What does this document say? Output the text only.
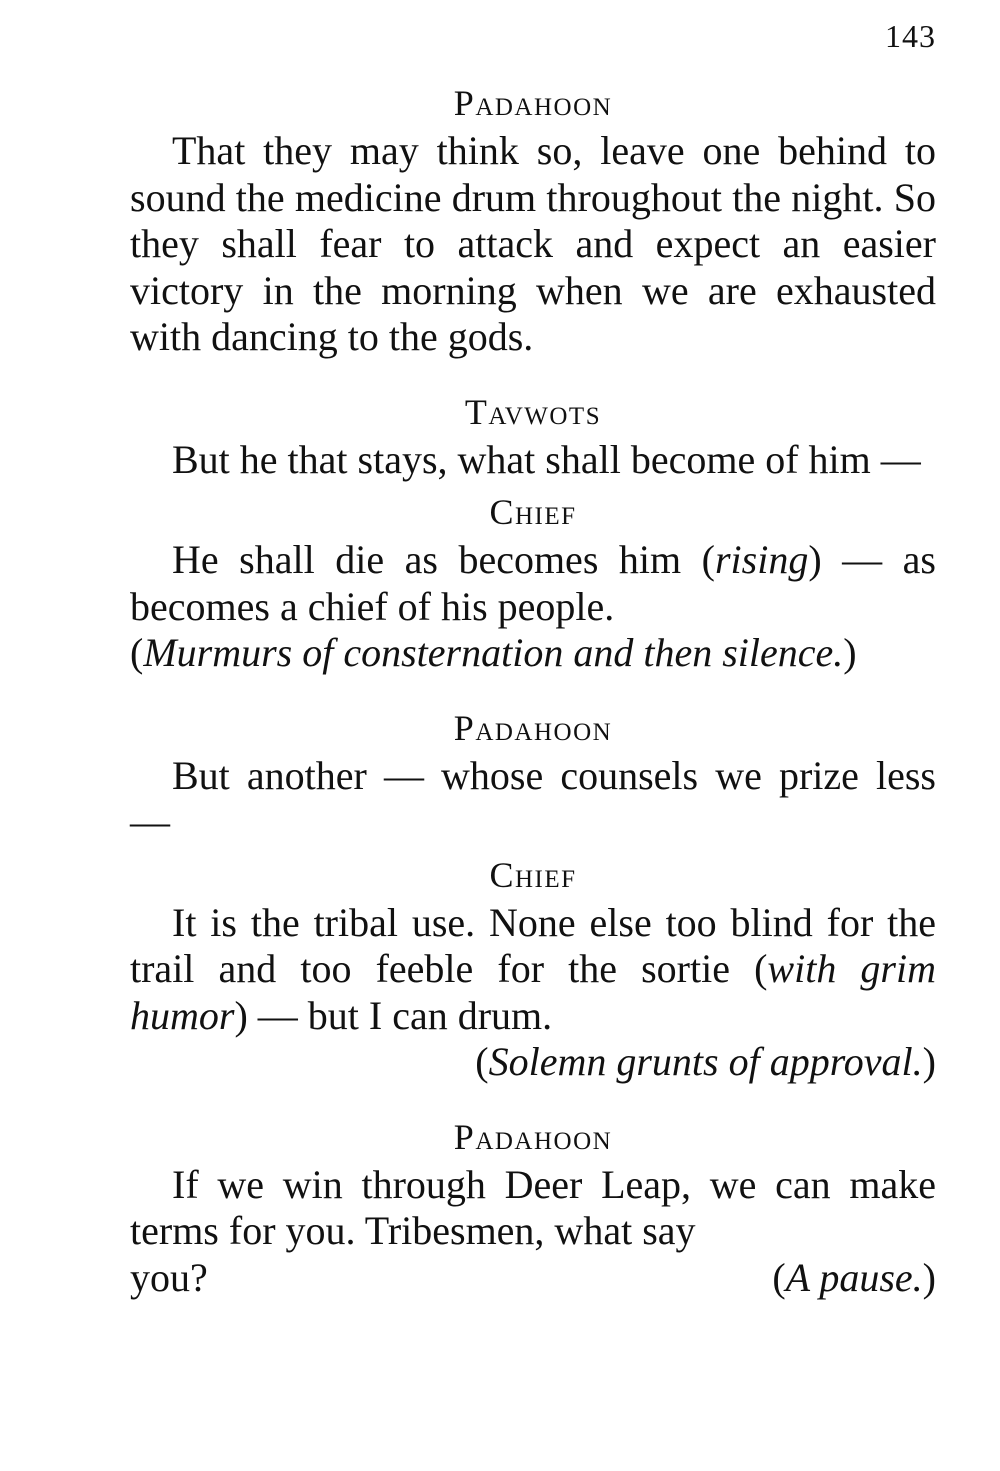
143

Padahoon

That they may think so, leave one behind to sound the medicine drum throughout the night. So they shall fear to attack and expect an easier victory in the morning when we are exhausted with dancing to the gods.

Tavwots

But he that stays, what shall become of him —

Chief

He shall die as becomes him (rising) — as becomes a chief of his people.

(Murmurs of consternation and then silence.)

Padahoon

But another — whose counsels we prize less —

Chief

It is the tribal use. None else too blind for the trail and too feeble for the sortie (with grim humor) — but I can drum.

(Solemn grunts of approval.)

Padahoon

If we win through Deer Leap, we can make terms for you. Tribesmen, what say

you?	(A pause.)
